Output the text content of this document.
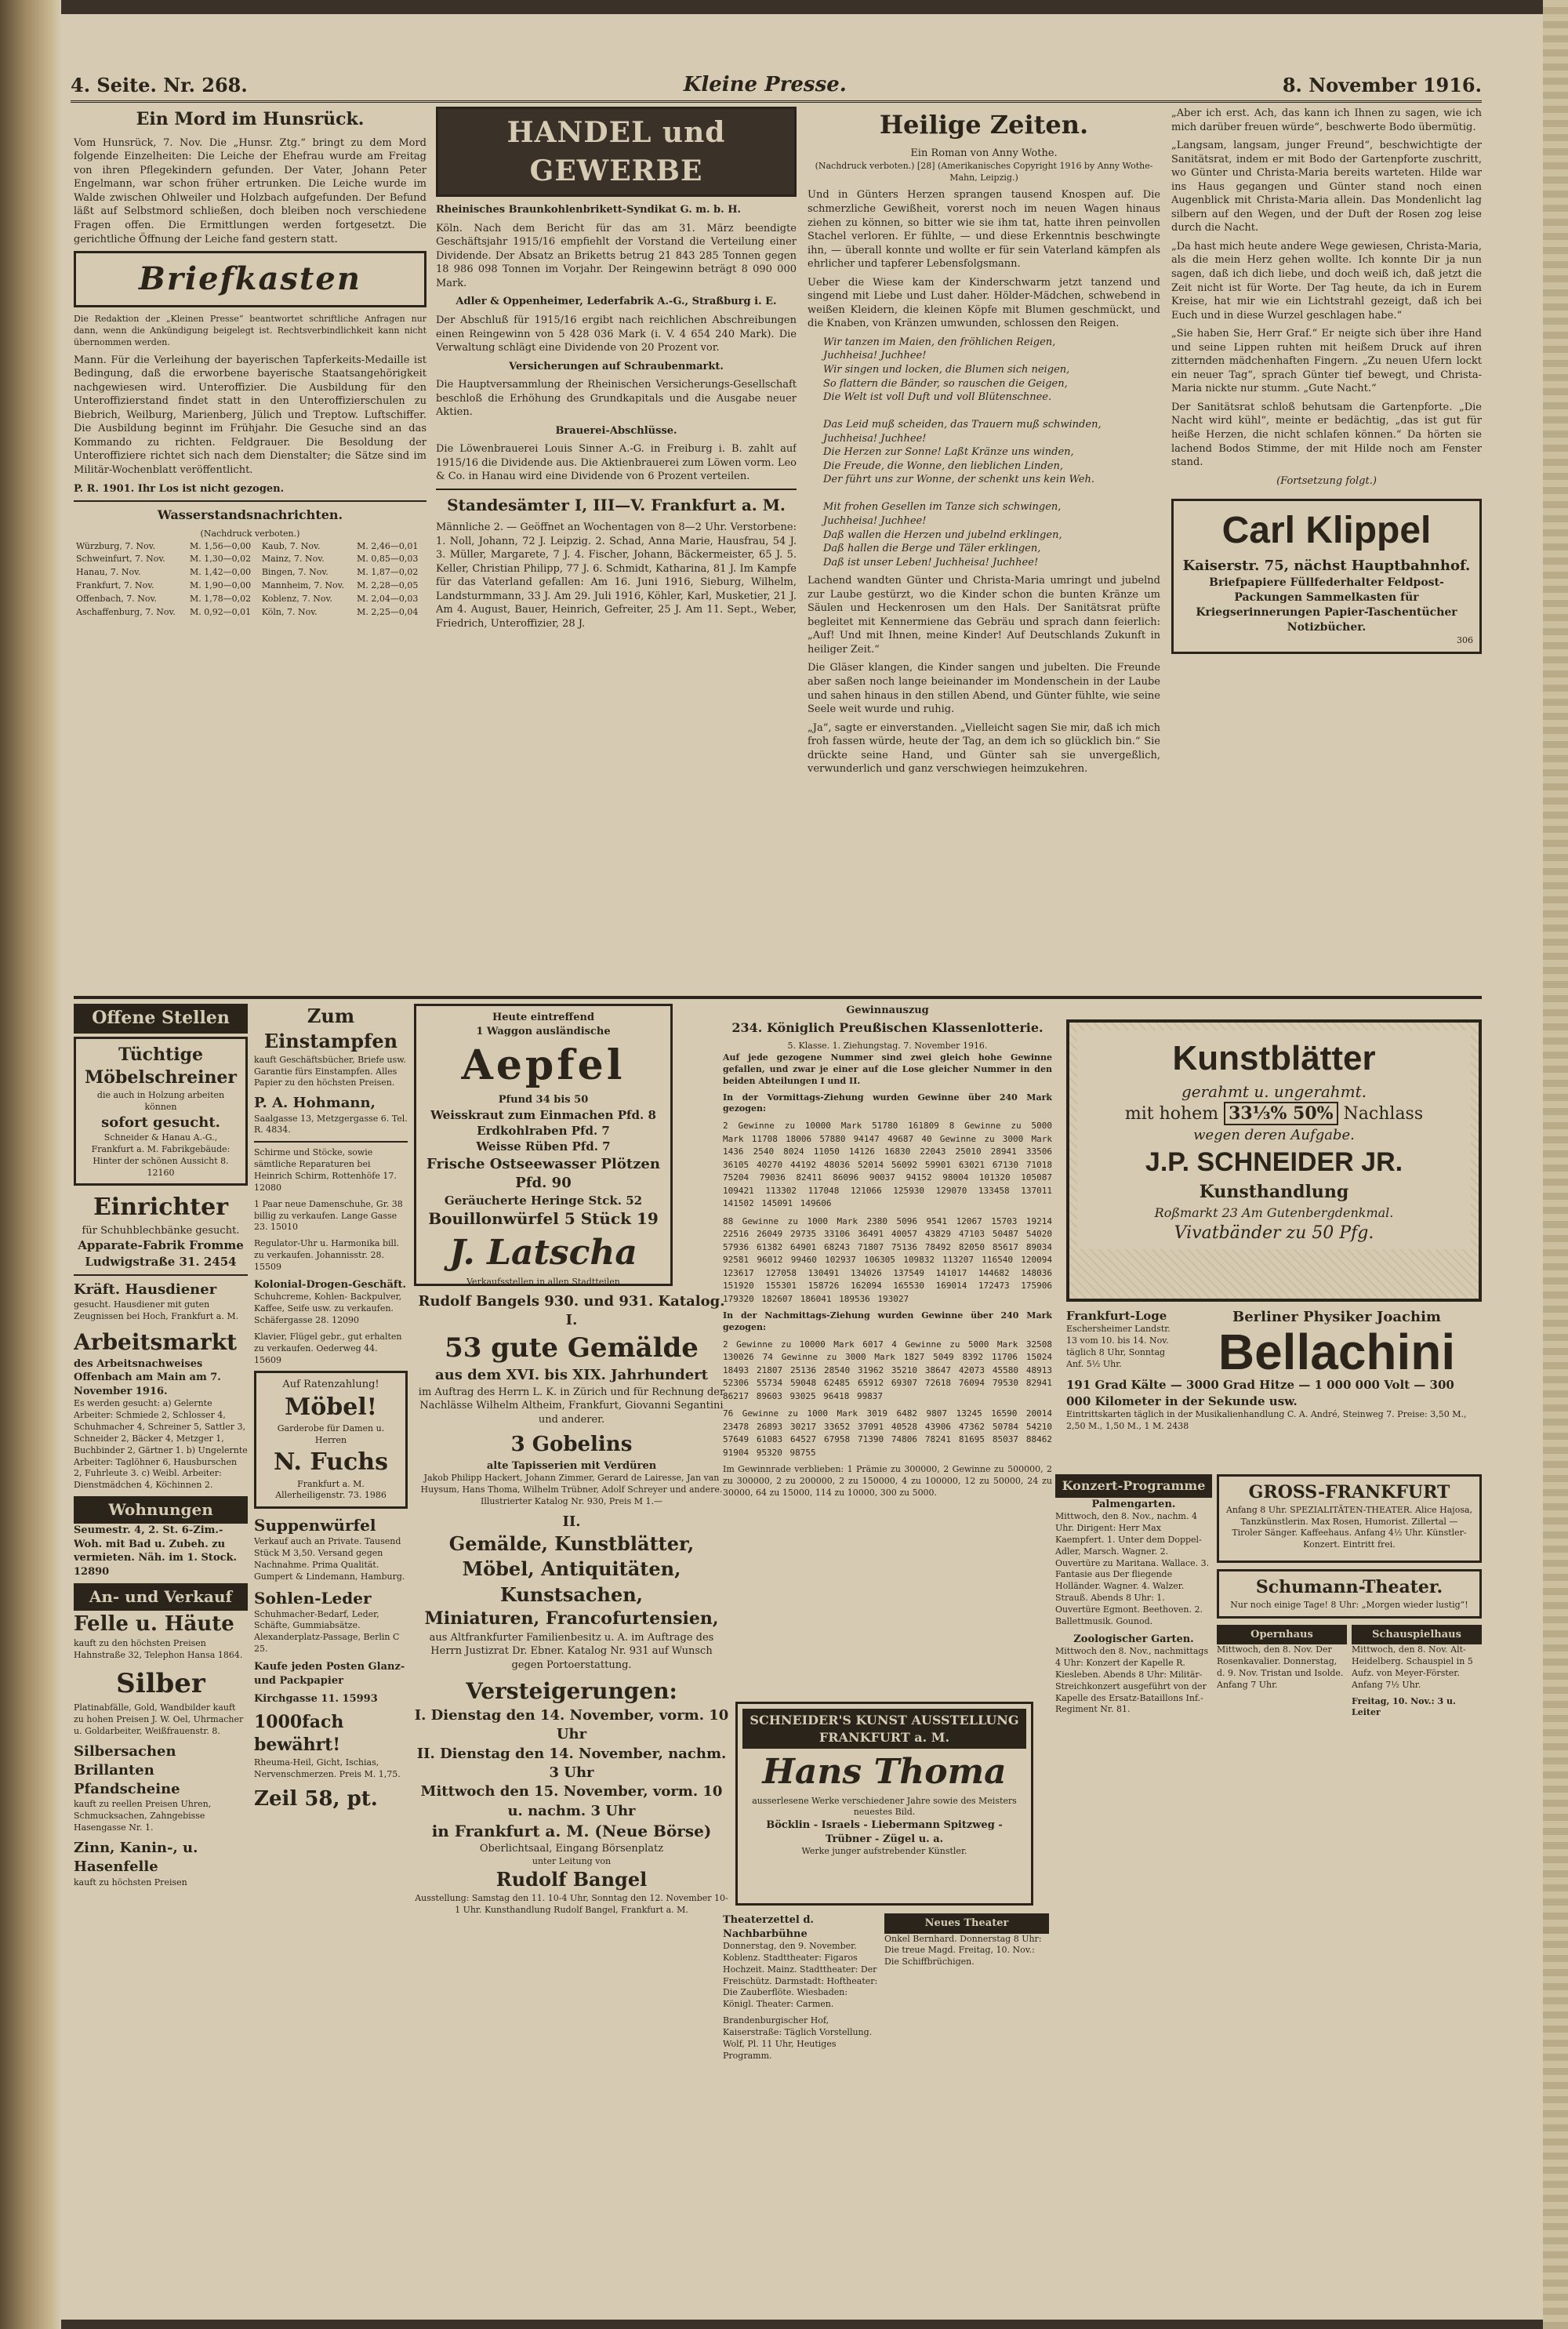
4. Seite. Nr. 268.	Kleine Presse.	8. November 1916.
Ein Mord im Hunsrück.

Vom Hunsrück, 7. Nov. Die „Hunsr. Ztg.“ bringt zu dem Mord folgende Einzelheiten: Die Leiche der Ehefrau wurde am Freitag von ihren Pflegekindern gefunden. Der Vater, Johann Peter Engelmann, war schon früher ertrunken. Die Leiche wurde im Walde zwischen Ohlweiler und Holzbach aufgefunden. Der Befund läßt auf Selbstmord schließen, doch bleiben noch verschiedene Fragen offen. Die Ermittlungen werden fortgesetzt. Die gerichtliche Öffnung der Leiche fand gestern statt.

Briefkasten

Die Redaktion der „Kleinen Presse“ beantwortet schriftliche Anfragen nur dann, wenn die Ankündigung beigelegt ist. Rechtsverbindlichkeit kann nicht übernommen werden.

Mann. Für die Verleihung der bayerischen Tapferkeits-Medaille ist Bedingung, daß die erworbene bayerische Staatsangehörigkeit nachgewiesen wird. Unteroffizier. Die Ausbildung für den Unteroffizierstand findet statt in den Unteroffizierschulen zu Biebrich, Weilburg, Marienberg, Jülich und Treptow. Luftschiffer. Die Ausbildung beginnt im Frühjahr. Die Gesuche sind an das Kommando zu richten. Feldgrauer. Die Besoldung der Unteroffiziere richtet sich nach dem Dienstalter; die Sätze sind im Militär-Wochenblatt veröffentlicht.

P. R. 1901. Ihr Los ist nicht gezogen.

Wasserstandsnachrichten.
(Nachdruck verboten.)
Würzburg, 7. Nov.	M. 1,56—0,00	Kaub, 7. Nov.	M. 2,46—0,01
Schweinfurt, 7. Nov.	M. 1,30—0,02	Mainz, 7. Nov.	M. 0,85—0,03
Hanau, 7. Nov.	M. 1,42—0,00	Bingen, 7. Nov.	M. 1,87—0,02
Frankfurt, 7. Nov.	M. 1,90—0,00	Mannheim, 7. Nov.	M. 2,28—0,05
Offenbach, 7. Nov.	M. 1,78—0,02	Koblenz, 7. Nov.	M. 2,04—0,03
Aschaffenburg, 7. Nov.	M. 0,92—0,01	Köln, 7. Nov.	M. 2,25—0,04
HANDEL und GEWERBE

Rheinisches Braunkohlenbrikett-Syndikat G. m. b. H.

Köln. Nach dem Bericht für das am 31. März beendigte Geschäftsjahr 1915/16 empfiehlt der Vorstand die Verteilung einer Dividende. Der Absatz an Briketts betrug 21 843 285 Tonnen gegen 18 986 098 Tonnen im Vorjahr. Der Reingewinn beträgt 8 090 000 Mark.

Adler & Oppenheimer, Lederfabrik A.-G., Straßburg i. E.

Der Abschluß für 1915/16 ergibt nach reichlichen Abschreibungen einen Reingewinn von 5 428 036 Mark (i. V. 4 654 240 Mark). Die Verwaltung schlägt eine Dividende von 20 Prozent vor.

Versicherungen auf Schraubenmarkt.

Die Hauptversammlung der Rheinischen Versicherungs-Gesellschaft beschloß die Erhöhung des Grundkapitals und die Ausgabe neuer Aktien.

Brauerei-Abschlüsse.

Die Löwenbrauerei Louis Sinner A.-G. in Freiburg i. B. zahlt auf 1915/16 die Dividende aus. Die Aktienbrauerei zum Löwen vorm. Leo & Co. in Hanau wird eine Dividende von 6 Prozent verteilen.

Standesämter I, III—V. Frankfurt a. M.

Männliche 2. — Geöffnet an Wochentagen von 8—2 Uhr. Verstorbene: 1. Noll, Johann, 72 J. Leipzig. 2. Schad, Anna Marie, Hausfrau, 54 J. 3. Müller, Margarete, 7 J. 4. Fischer, Johann, Bäckermeister, 65 J. 5. Keller, Christian Philipp, 77 J. 6. Schmidt, Katharina, 81 J. Im Kampfe für das Vaterland gefallen: Am 16. Juni 1916, Sieburg, Wilhelm, Landsturmmann, 33 J. Am 29. Juli 1916, Köhler, Karl, Musketier, 21 J. Am 4. August, Bauer, Heinrich, Gefreiter, 25 J. Am 11. Sept., Weber, Friedrich, Unteroffizier, 28 J.

Heilige Zeiten.
Ein Roman von Anny Wothe.

(Nachdruck verboten.) [28] (Amerikanisches Copyright 1916 by Anny Wothe-Mahn, Leipzig.)

Und in Günters Herzen sprangen tausend Knospen auf. Die schmerzliche Gewißheit, vorerst noch im neuen Wagen hinaus ziehen zu können, so bitter wie sie ihm tat, hatte ihren peinvollen Stachel verloren. Er fühlte, — und diese Erkenntnis beschwingte ihn, — überall konnte und wollte er für sein Vaterland kämpfen als ehrlicher und tapferer Lebensfolgsmann.

Ueber die Wiese kam der Kinderschwarm jetzt tanzend und singend mit Liebe und Lust daher. Hölder-Mädchen, schwebend in weißen Kleidern, die kleinen Köpfe mit Blumen geschmückt, und die Knaben, von Kränzen umwunden, schlossen den Reigen.

Wir tanzen im Maien, den fröhlichen Reigen,
Juchheisa! Juchhee!
Wir singen und locken, die Blumen sich neigen,
So flattern die Bänder, so rauschen die Geigen,
Die Welt ist voll Duft und voll Blütenschnee.

Das Leid muß scheiden, das Trauern muß schwinden,
Juchheisa! Juchhee!
Die Herzen zur Sonne! Laßt Kränze uns winden,
Die Freude, die Wonne, den lieblichen Linden,
Der führt uns zur Wonne, der schenkt uns kein Weh.

Mit frohen Gesellen im Tanze sich schwingen,
Juchheisa! Juchhee!
Daß wallen die Herzen und jubelnd erklingen,
Daß hallen die Berge und Täler erklingen,
Daß ist unser Leben! Juchheisa! Juchhee!

Lachend wandten Günter und Christa-Maria umringt und jubelnd zur Laube gestürzt, wo die Kinder schon die bunten Kränze um Säulen und Heckenrosen um den Hals. Der Sanitätsrat prüfte begleitet mit Kennermiene das Gebräu und sprach dann feierlich: „Auf! Und mit Ihnen, meine Kinder! Auf Deutschlands Zukunft in heiliger Zeit.“

Die Gläser klangen, die Kinder sangen und jubelten. Die Freunde aber saßen noch lange beieinander im Mondenschein in der Laube und sahen hinaus in den stillen Abend, und Günter fühlte, wie seine Seele weit wurde und ruhig.

„Ja“, sagte er einverstanden. „Vielleicht sagen Sie mir, daß ich mich froh fassen würde, heute der Tag, an dem ich so glücklich bin.“ Sie drückte seine Hand, und Günter sah sie unvergeßlich, verwunderlich und ganz verschwiegen heimzukehren.

„Aber ich erst. Ach, das kann ich Ihnen zu sagen, wie ich mich darüber freuen würde“, beschwerte Bodo übermütig.

„Langsam, langsam, junger Freund“, beschwichtigte der Sanitätsrat, indem er mit Bodo der Gartenpforte zuschritt, wo Günter und Christa-Maria bereits warteten. Hilde war ins Haus gegangen und Günter stand noch einen Augenblick mit Christa-Maria allein. Das Mondenlicht lag silbern auf den Wegen, und der Duft der Rosen zog leise durch die Nacht.

„Da hast mich heute andere Wege gewiesen, Christa-Maria, als die mein Herz gehen wollte. Ich konnte Dir ja nun sagen, daß ich dich liebe, und doch weiß ich, daß jetzt die Zeit nicht ist für Worte. Der Tag heute, da ich in Eurem Kreise, hat mir wie ein Lichtstrahl gezeigt, daß ich bei Euch und in diese Wurzel geschlagen habe.“

„Sie haben Sie, Herr Graf.“ Er neigte sich über ihre Hand und seine Lippen ruhten mit heißem Druck auf ihren zitternden mädchenhaften Fingern. „Zu neuen Ufern lockt ein neuer Tag“, sprach Günter tief bewegt, und Christa-Maria nickte nur stumm. „Gute Nacht.“

Der Sanitätsrat schloß behutsam die Gartenpforte. „Die Nacht wird kühl“, meinte er bedächtig, „das ist gut für heiße Herzen, die nicht schlafen können.“ Da hörten sie lachend Bodos Stimme, der mit Hilde noch am Fenster stand.

(Fortsetzung folgt.)

Carl Klippel
Kaiserstr. 75, nächst Hauptbahnhof.
Briefpapiere Füllfederhalter Feldpost-Packungen Sammelkasten für Kriegserinnerungen Papier-Taschentücher Notizbücher.
306
Offene Stellen
Tüchtige Möbelschreiner
die auch in Holzung arbeiten können
sofort gesucht.
Schneider & Hanau A.-G., Frankfurt a. M. Fabrikgebäude: Hinter der schönen Aussicht 8. 12160
Einrichter
für Schuhblechbänke gesucht.
Apparate-Fabrik Fromme Ludwigstraße 31. 2454
Kräft. Hausdiener

gesucht. Hausdiener mit guten Zeugnissen bei Hoch, Frankfurt a. M.

Arbeitsmarkt
des Arbeitsnachweises Offenbach am Main am 7. November 1916.

Es werden gesucht: a) Gelernte Arbeiter: Schmiede 2, Schlosser 4, Schuhmacher 4, Schreiner 5, Sattler 3, Schneider 2, Bäcker 4, Metzger 1, Buchbinder 2, Gärtner 1. b) Ungelernte Arbeiter: Taglöhner 6, Hausburschen 2, Fuhrleute 3. c) Weibl. Arbeiter: Dienstmädchen 4, Köchinnen 2.

Wohnungen

Seumestr. 4, 2. St. 6-Zim.-Woh. mit Bad u. Zubeh. zu vermieten. Näh. im 1. Stock. 12890

An- und Verkauf
Felle u. Häute

kauft zu den höchsten Preisen Hahnstraße 32, Telephon Hansa 1864.

Silber

Platinabfälle, Gold, Wandbilder kauft zu hohen Preisen J. W. Oel, Uhrmacher u. Goldarbeiter, Weißfrauenstr. 8.

Silbersachen Brillanten Pfandscheine

kauft zu reellen Preisen Uhren, Schmucksachen, Zahngebisse Hasengasse Nr. 1.

Zinn, Kanin-, u. Hasenfelle

kauft zu höchsten Preisen

Zum Einstampfen

kauft Geschäftsbücher, Briefe usw. Garantie fürs Einstampfen. Alles Papier zu den höchsten Preisen.

P. A. Hohmann,
Saalgasse 13, Metzgergasse 6. Tel. R. 4834.

Schirme und Stöcke, sowie sämtliche Reparaturen bei Heinrich Schirm, Rottenhöfe 17. 12080

1 Paar neue Damenschuhe, Gr. 38 billig zu verkaufen. Lange Gasse 23. 15010

Regulator-Uhr u. Harmonika bill. zu verkaufen. Johannisstr. 28. 15509

Kolonial-Drogen-Geschäft.

Schuhcreme, Kohlen- Backpulver, Kaffee, Seife usw. zu verkaufen. Schäfergasse 28. 12090

Klavier, Flügel gebr., gut erhalten zu verkaufen. Oederweg 44. 15609

Auf Ratenzahlung!
Möbel!
Garderobe für Damen u. Herren
N. Fuchs
Frankfurt a. M. Allerheiligenstr. 73. 1986
Suppenwürfel

Verkauf auch an Private. Tausend Stück M 3,50. Versand gegen Nachnahme. Prima Qualität. Gumpert & Lindemann, Hamburg.

Sohlen-Leder

Schuhmacher-Bedarf, Leder, Schäfte, Gummiabsätze. Alexanderplatz-Passage, Berlin C 25.

Kaufe jeden Posten Glanz- und Packpapier

Kirchgasse 11. 15993

1000fach bewährt!

Rheuma-Heil, Gicht, Ischias, Nervenschmerzen. Preis M. 1,75.

Zeil 58, pt.
Heute eintreffend
1 Waggon ausländische
Aepfel
Pfund 34 bis 50
Weisskraut zum Einmachen Pfd. 8
Erdkohlraben Pfd. 7
Weisse Rüben Pfd. 7
Frische Ostseewasser Plötzen Pfd. 90
Geräucherte Heringe Stck. 52
Bouillonwürfel 5 Stück 19
J. Latscha
Verkaufsstellen in allen Stadtteilen
Rudolf Bangels 930. und 931. Katalog.
I.
53 gute Gemälde
aus dem XVI. bis XIX. Jahrhundert

im Auftrag des Herrn L. K. in Zürich und für Rechnung der Nachlässe Wilhelm Altheim, Frankfurt, Giovanni Segantini und anderer.

3 Gobelins
alte Tapisserien mit Verdüren

Jakob Philipp Hackert, Johann Zimmer, Gerard de Lairesse, Jan van Huysum, Hans Thoma, Wilhelm Trübner, Adolf Schreyer und andere. Illustrierter Katalog Nr. 930, Preis M 1.—

II.
Gemälde, Kunstblätter, Möbel, Antiquitäten, Kunstsachen,
Miniaturen, Francofurtensien,

aus Altfrankfurter Familienbesitz u. A. im Auftrage des Herrn Justizrat Dr. Ebner. Katalog Nr. 931 auf Wunsch gegen Portoerstattung.

Versteigerungen:
I. Dienstag den 14. November, vorm. 10 Uhr
II. Dienstag den 14. November, nachm. 3 Uhr
Mittwoch den 15. November, vorm. 10 u. nachm. 3 Uhr
in Frankfurt a. M. (Neue Börse)
Oberlichtsaal, Eingang Börsenplatz
unter Leitung von
Rudolf Bangel

Ausstellung: Samstag den 11. 10-4 Uhr, Sonntag den 12. November 10-1 Uhr. Kunsthandlung Rudolf Bangel, Frankfurt a. M.

Gewinnauszug
234. Königlich Preußischen Klassenlotterie.
5. Klasse. 1. Ziehungstag. 7. November 1916.

Auf jede gezogene Nummer sind zwei gleich hohe Gewinne gefallen, und zwar je einer auf die Lose gleicher Nummer in den beiden Abteilungen I und II.

In der Vormittags-Ziehung wurden Gewinne über 240 Mark gezogen:

2 Gewinne zu 10000 Mark 51780 161809 8 Gewinne zu 5000 Mark 11708 18006 57880 94147 49687 40 Gewinne zu 3000 Mark 1436 2540 8024 11050 14126 16830 22043 25010 28941 33506 36105 40270 44192 48036 52014 56092 59901 63021 67130 71018 75204 79036 82411 86096 90037 94152 98004 101320 105087 109421 113302 117048 121066 125930 129070 133458 137011 141502 145091 149606

88 Gewinne zu 1000 Mark 2380 5096 9541 12067 15703 19214 22516 26049 29735 33106 36491 40057 43829 47103 50487 54020 57936 61382 64901 68243 71807 75136 78492 82050 85617 89034 92581 96012 99460 102937 106305 109832 113207 116540 120094 123617 127058 130491 134026 137549 141017 144682 148036 151920 155301 158726 162094 165530 169014 172473 175906 179320 182607 186041 189536 193027

In der Nachmittags-Ziehung wurden Gewinne über 240 Mark gezogen:

2 Gewinne zu 10000 Mark 6017 4 Gewinne zu 5000 Mark 32508 130026 74 Gewinne zu 3000 Mark 1827 5049 8392 11706 15024 18493 21807 25136 28540 31962 35210 38647 42073 45580 48913 52306 55734 59048 62485 65912 69307 72618 76094 79530 82941 86217 89603 93025 96418 99837

76 Gewinne zu 1000 Mark 3019 6482 9807 13245 16590 20014 23478 26893 30217 33652 37091 40528 43906 47362 50784 54210 57649 61083 64527 67958 71390 74806 78241 81695 85037 88462 91904 95320 98755

Im Gewinnrade verblieben: 1 Prämie zu 300000, 2 Gewinne zu 500000, 2 zu 300000, 2 zu 200000, 2 zu 150000, 4 zu 100000, 12 zu 50000, 24 zu 30000, 64 zu 15000, 114 zu 10000, 300 zu 5000.

SCHNEIDER'S KUNST AUSSTELLUNG FRANKFURT a. M.
Hans Thoma
ausserlesene Werke verschiedener Jahre sowie des Meisters neuestes Bild.
Böcklin - Israels - Liebermann Spitzweg - Trübner - Zügel u. a.
Werke junger aufstrebender Künstler.
Theaterzettel d. Nachbarbühne

Donnerstag, den 9. November. Koblenz. Stadttheater: Figaros Hochzeit. Mainz. Stadttheater: Der Freischütz. Darmstadt: Hoftheater: Die Zauberflöte. Wiesbaden: Königl. Theater: Carmen.

Brandenburgischer Hof, Kaiserstraße: Täglich Vorstellung. Wolf, Pl. 11 Uhr, Heutiges Programm.

Neues Theater

Onkel Bernhard. Donnerstag 8 Uhr: Die treue Magd. Freitag, 10. Nov.: Die Schiffbrüchigen.

Kunstblätter
gerahmt u. ungerahmt.
mit hohem 33⅓% 50% Nachlass
wegen deren Aufgabe.
J.P. SCHNEIDER JR.
Kunsthandlung
Roßmarkt 23 Am Gutenbergdenkmal.
Vivatbänder zu 50 Pfg.
Frankfurt-Loge
Eschersheimer Landstr. 13 vom 10. bis 14. Nov. täglich 8 Uhr, Sonntag Anf. 5½ Uhr.
Berliner Physiker Joachim
Bellachini
191 Grad Kälte — 3000 Grad Hitze — 1 000 000 Volt — 300 000 Kilometer in der Sekunde usw.
Eintrittskarten täglich in der Musikalienhandlung C. A. André, Steinweg 7. Preise: 3,50 M., 2,50 M., 1,50 M., 1 M. 2438
Konzert-Programme
Palmengarten.

Mittwoch, den 8. Nov., nachm. 4 Uhr. Dirigent: Herr Max Kaempfert. 1. Unter dem Doppel-Adler, Marsch. Wagner. 2. Ouvertüre zu Maritana. Wallace. 3. Fantasie aus Der fliegende Holländer. Wagner. 4. Walzer. Strauß. Abends 8 Uhr: 1. Ouvertüre Egmont. Beethoven. 2. Ballettmusik. Gounod.

Zoologischer Garten.

Mittwoch den 8. Nov., nachmittags 4 Uhr: Konzert der Kapelle R. Kiesleben. Abends 8 Uhr: Militär-Streichkonzert ausgeführt von der Kapelle des Ersatz-Bataillons Inf.-Regiment Nr. 81.

GROSS-FRANKFURT

Anfang 8 Uhr. SPEZIALITÄTEN-THEATER. Alice Hajosa, Tanzkünstlerin. Max Rosen, Humorist. Zillertal — Tiroler Sänger. Kaffeehaus. Anfang 4½ Uhr. Künstler-Konzert. Eintritt frei.

Schumann-Theater.
Nur noch einige Tage! 8 Uhr: „Morgen wieder lustig“!
Opernhaus

Mittwoch, den 8. Nov. Der Rosenkavalier. Donnerstag, d. 9. Nov. Tristan und Isolde. Anfang 7 Uhr.

Schauspielhaus

Mittwoch, den 8. Nov. Alt-Heidelberg. Schauspiel in 5 Aufz. von Meyer-Förster. Anfang 7½ Uhr.

Freitag, 10. Nov.: 3 u. Leiter
